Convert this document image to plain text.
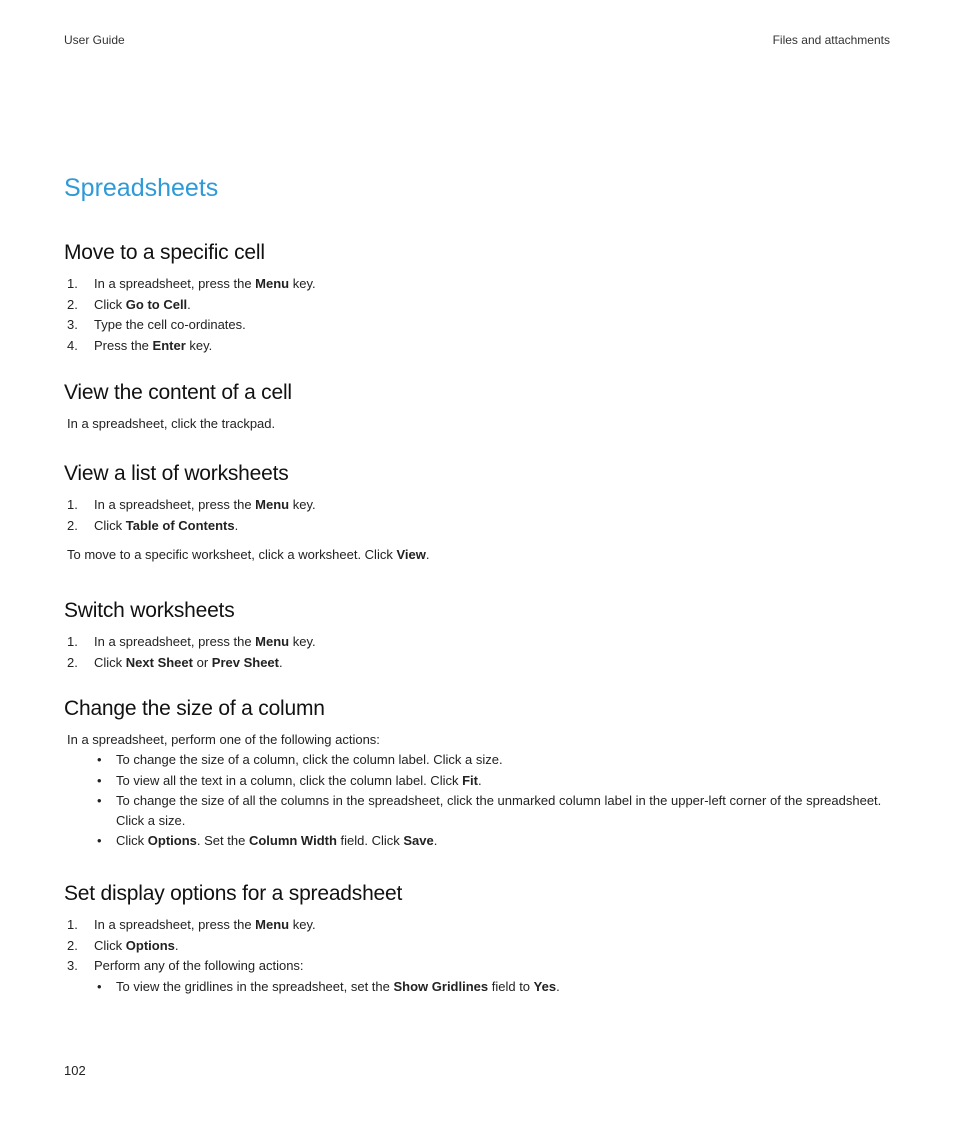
User Guide	Files and attachments
Spreadsheets
Move to a specific cell
1. In a spreadsheet, press the Menu key.
2. Click Go to Cell.
3. Type the cell co-ordinates.
4. Press the Enter key.
View the content of a cell

In a spreadsheet, click the trackpad.

View a list of worksheets
1. In a spreadsheet, press the Menu key.
2. Click Table of Contents.

To move to a specific worksheet, click a worksheet. Click View.

Switch worksheets
1. In a spreadsheet, press the Menu key.
2. Click Next Sheet or Prev Sheet.
Change the size of a column

In a spreadsheet, perform one of the following actions:

• To change the size of a column, click the column label. Click a size.
• To view all the text in a column, click the column label. Click Fit.
• To change the size of all the columns in the spreadsheet, click the unmarked column label in the upper-left corner of the spreadsheet. Click a size.
• Click Options. Set the Column Width field. Click Save.
Set display options for a spreadsheet
1. In a spreadsheet, press the Menu key.
2. Click Options.
3. Perform any of the following actions:
• To view the gridlines in the spreadsheet, set the Show Gridlines field to Yes.
102
